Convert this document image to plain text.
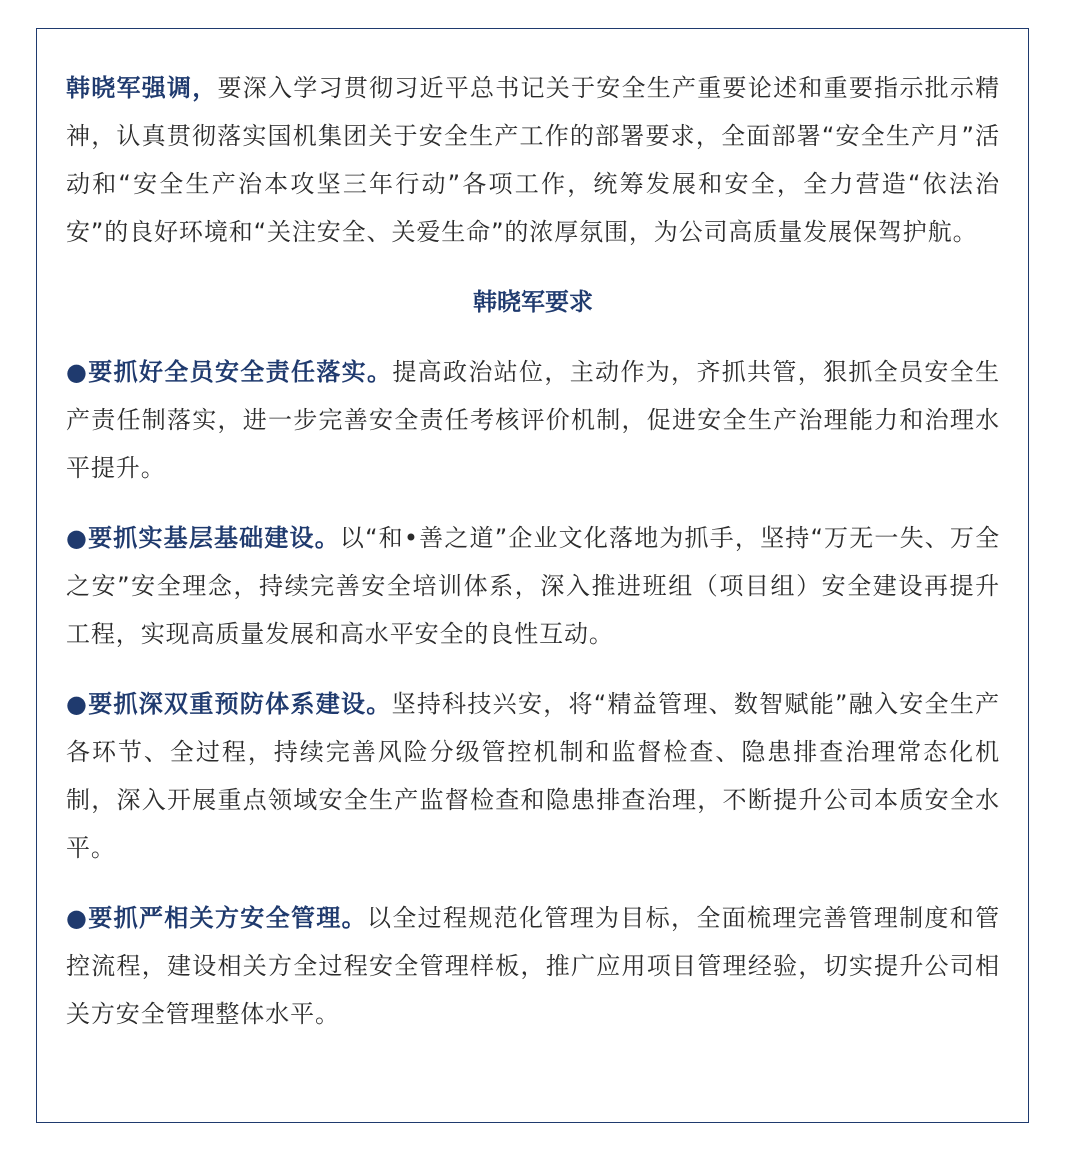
韩晓军强调，要深入学习贯彻习近平总书记关于安全生产重要论述和重要指示批示精神，认真贯彻落实国机集团关于安全生产工作的部署要求，全面部署“安全生产月”活动和“安全生产治本攻坚三年行动”各项工作，统筹发展和安全，全力营造“依法治安”的良好环境和“关注安全、关爱生命”的浓厚氛围，为公司高质量发展保驾护航。

韩晓军要求

●要抓好全员安全责任落实。提高政治站位，主动作为，齐抓共管，狠抓全员安全生产责任制落实，进一步完善安全责任考核评价机制，促进安全生产治理能力和治理水平提升。

●要抓实基层基础建设。以“和•善之道”企业文化落地为抓手，坚持“万无一失、万全之安”安全理念，持续完善安全培训体系，深入推进班组（项目组）安全建设再提升工程，实现高质量发展和高水平安全的良性互动。

●要抓深双重预防体系建设。坚持科技兴安，将“精益管理、数智赋能”融入安全生产各环节、全过程，持续完善风险分级管控机制和监督检查、隐患排查治理常态化机制，深入开展重点领域安全生产监督检查和隐患排查治理，不断提升公司本质安全水平。

●要抓严相关方安全管理。以全过程规范化管理为目标，全面梳理完善管理制度和管控流程，建设相关方全过程安全管理样板，推广应用项目管理经验，切实提升公司相关方安全管理整体水平。
